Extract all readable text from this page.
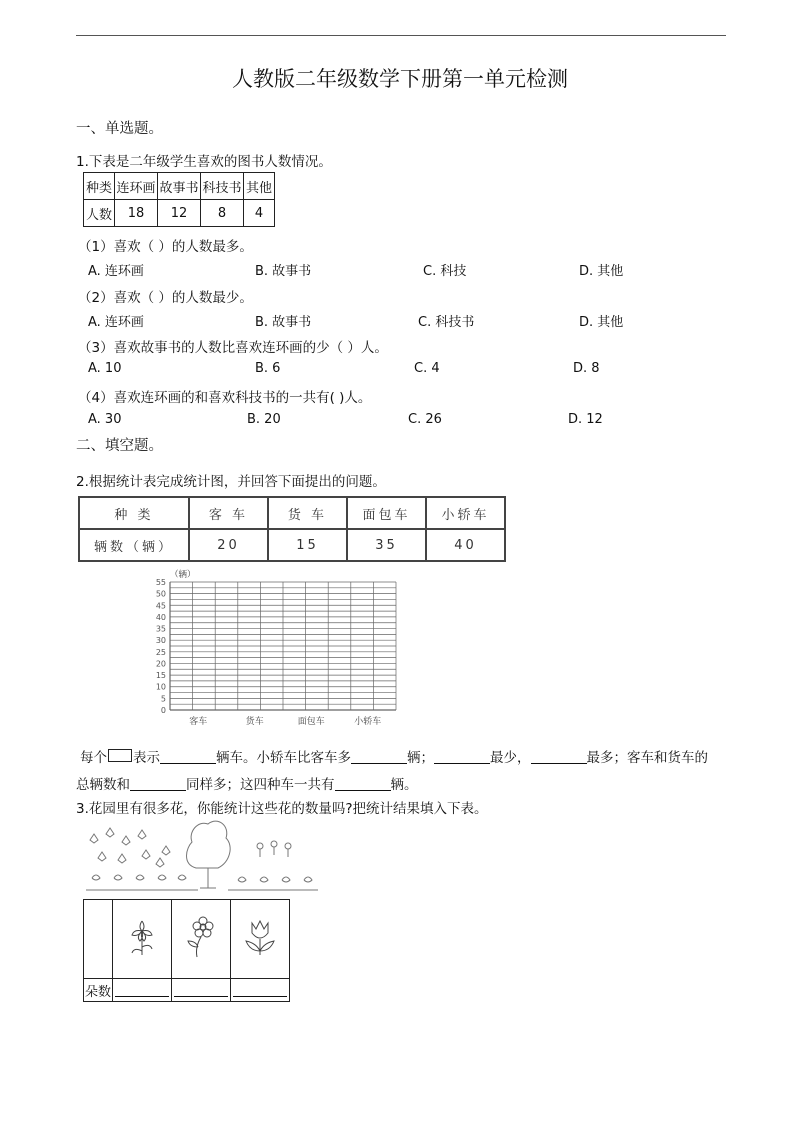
人教版二年级数学下册第一单元检测
一、单选题。
1.下表是二年级学生喜欢的图书人数情况。
种类	连环画	故事书	科技书	其他
人数	18	12	8	4
（1）喜欢（ ）的人数最多。
A. 连环画	B. 故事书	C. 科技	D. 其他
（2）喜欢（ ）的人数最少。
A. 连环画	B. 故事书	C. 科技书	D. 其他
（3）喜欢故事书的人数比喜欢连环画的少（ ）人。
A. 10	B. 6	C. 4	D. 8
（4）喜欢连环画的和喜欢科技书的一共有( )人。
A. 30	B. 20	C. 26	D. 12
二、填空题。
2.根据统计表完成统计图，并回答下面提出的问题。
种 类	客 车	货 车	面包车	小轿车
辆数（辆）	20	15	35	40
（辆）
0
5
10
15
20
25
30
35
40
45
50
55
客车	货车	面包车	小轿车
每个 表示	辆车。小轿车比客车多	辆；	最少，	最多；客车和货车的
总辆数和	同样多；这四种车一共有	辆。
3.花园里有很多花，你能统计这些花的数量吗?把统计结果填入下表。

朵数	
